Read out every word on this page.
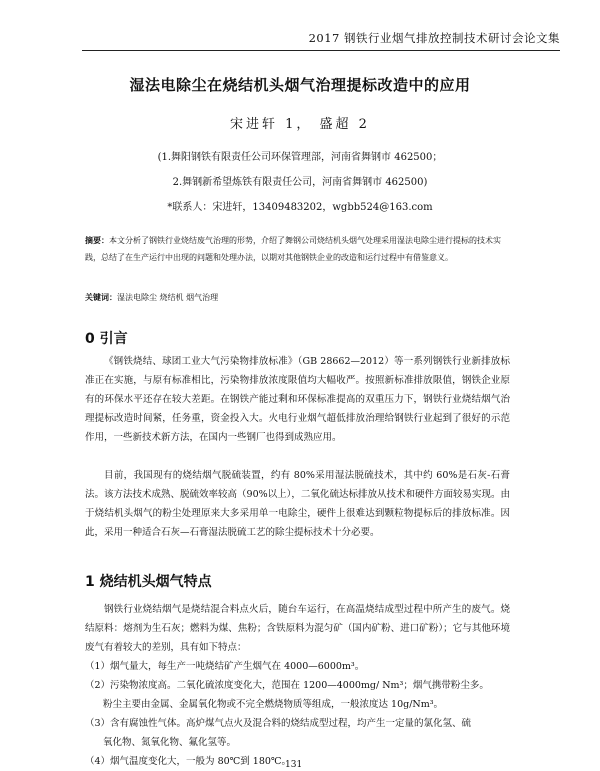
2017 钢铁行业烟气排放控制技术研讨会论文集
湿法电除尘在烧结机头烟气治理提标改造中的应用
宋进轩 1， 盛超 2
(1.舞阳钢铁有限责任公司环保管理部，河南省舞钢市 462500；
2.舞钢新希望炼铁有限责任公司，河南省舞钢市 462500)
*联系人：宋进轩，13409483202，wgbb524@163.com
摘要：本文分析了钢铁行业烧结废气治理的形势，介绍了舞钢公司烧结机头烟气处理采用湿法电除尘进行提标的技术实践，总结了在生产运行中出现的问题和处理办法，以期对其他钢铁企业的改造和运行过程中有借鉴意义。
关键词：湿法电除尘 烧结机 烟气治理
0 引言
《钢铁烧结、球团工业大气污染物排放标准》（GB 28662—2012）等一系列钢铁行业新排放标准正在实施，与原有标准相比，污染物排放浓度限值均大幅收严。按照新标准排放限值，钢铁企业原有的环保水平还存在较大差距。在钢铁产能过剩和环保标准提高的双重压力下，钢铁行业烧结烟气治理提标改造时间紧，任务重，资金投入大。火电行业烟气超低排放治理给钢铁行业起到了很好的示范作用，一些新技术新方法，在国内一些钢厂也得到成熟应用。
目前，我国现有的烧结烟气脱硫装置，约有 80%采用湿法脱硫技术，其中约 60%是石灰-石膏法。该方法技术成熟、脱硫效率较高（90%以上），二氧化硫达标排放从技术和硬件方面较易实现。由于烧结机头烟气的粉尘处理原来大多采用单一电除尘，硬件上很难达到颗粒物提标后的排放标准。因此，采用一种适合石灰—石膏湿法脱硫工艺的除尘提标技术十分必要。
1 烧结机头烟气特点
钢铁行业烧结烟气是烧结混合料点火后，随台车运行，在高温烧结成型过程中所产生的废气。烧结原料：熔剂为生石灰；燃料为煤、焦粉；含铁原料为混匀矿（国内矿粉、进口矿粉）；它与其他环境废气有着较大的差别，具有如下特点：
（1）烟气量大，每生产一吨烧结矿产生烟气在 4000—6000m³。
（2）污染物浓度高。二氧化硫浓度变化大，范围在 1200—4000mg/ Nm³；烟气携带粉尘多。
粉尘主要由金属、金属氧化物或不完全燃烧物质等组成，一般浓度达 10g/Nm³。
（3）含有腐蚀性气体。高炉煤气点火及混合料的烧结成型过程，均产生一定量的氯化氢、硫
氧化物、氮氧化物、氟化氢等。
（4）烟气温度变化大，一般为 80℃到 180℃。
131
